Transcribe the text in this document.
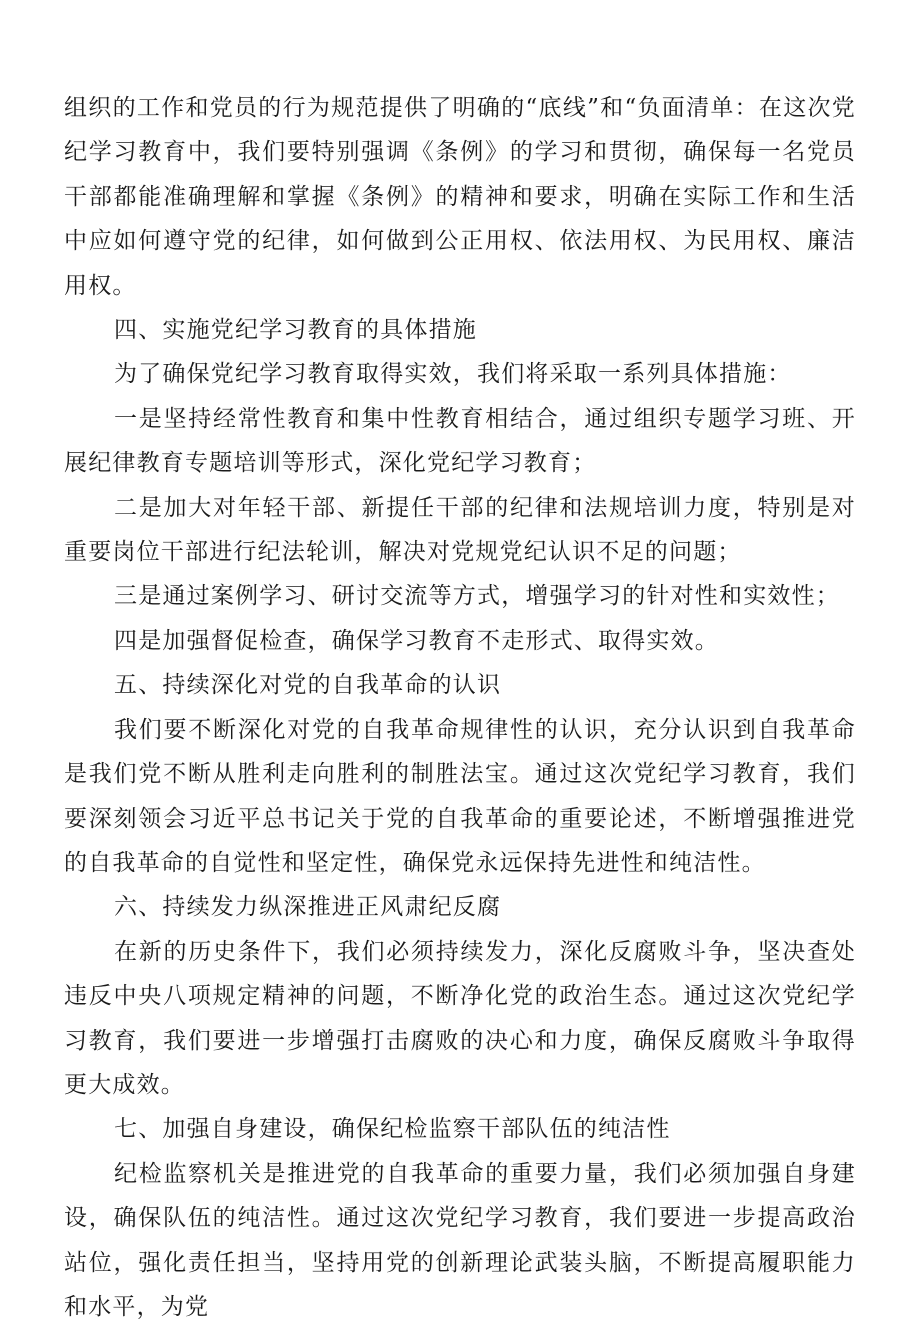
组织的工作和党员的行为规范提供了明确的“底线”和“负面清单：在这次党纪学习教育中，我们要特别强调《条例》的学习和贯彻，确保每一名党员干部都能准确理解和掌握《条例》的精神和要求，明确在实际工作和生活中应如何遵守党的纪律，如何做到公正用权、依法用权、为民用权、廉洁用权。

四、实施党纪学习教育的具体措施

为了确保党纪学习教育取得实效，我们将采取一系列具体措施：

一是坚持经常性教育和集中性教育相结合，通过组织专题学习班、开展纪律教育专题培训等形式，深化党纪学习教育；

二是加大对年轻干部、新提任干部的纪律和法规培训力度，特别是对重要岗位干部进行纪法轮训，解决对党规党纪认识不足的问题；

三是通过案例学习、研讨交流等方式，增强学习的针对性和实效性；

四是加强督促检查，确保学习教育不走形式、取得实效。

五、持续深化对党的自我革命的认识

我们要不断深化对党的自我革命规律性的认识，充分认识到自我革命是我们党不断从胜利走向胜利的制胜法宝。通过这次党纪学习教育，我们要深刻领会习近平总书记关于党的自我革命的重要论述，不断增强推进党的自我革命的自觉性和坚定性，确保党永远保持先进性和纯洁性。

六、持续发力纵深推进正风肃纪反腐

在新的历史条件下，我们必须持续发力，深化反腐败斗争，坚决查处违反中央八项规定精神的问题，不断净化党的政治生态。通过这次党纪学习教育，我们要进一步增强打击腐败的决心和力度，确保反腐败斗争取得更大成效。

七、加强自身建设，确保纪检监察干部队伍的纯洁性

纪检监察机关是推进党的自我革命的重要力量，我们必须加强自身建设，确保队伍的纯洁性。通过这次党纪学习教育，我们要进一步提高政治站位，强化责任担当，坚持用党的创新理论武装头脑，不断提高履职能力和水平，为党
